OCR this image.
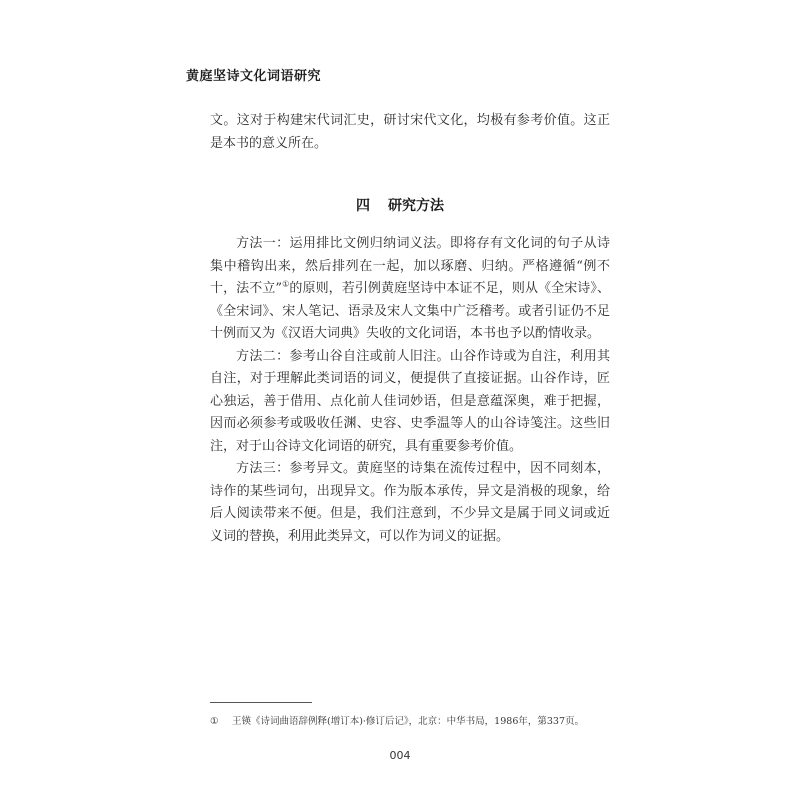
黄庭坚诗文化词语研究
文。这对于构建宋代词汇史，研讨宋代文化，均极有参考价值。这正是本书的意义所在。
四 研究方法

方法一：运用排比文例归纳词义法。即将存有文化词的句子从诗集中稽钩出来，然后排列在一起，加以琢磨、归纳。严格遵循“例不十，法不立”①的原则，若引例黄庭坚诗中本证不足，则从《全宋诗》、《全宋词》、宋人笔记、语录及宋人文集中广泛稽考。或者引证仍不足十例而又为《汉语大词典》失收的文化词语，本书也予以酌情收录。

方法二：参考山谷自注或前人旧注。山谷作诗或为自注，利用其自注，对于理解此类词语的词义，便提供了直接证据。山谷作诗，匠心独运，善于借用、点化前人佳词妙语，但是意蕴深奥，难于把握，因而必须参考或吸收任渊、史容、史季温等人的山谷诗笺注。这些旧注，对于山谷诗文化词语的研究，具有重要参考价值。

方法三：参考异文。黄庭坚的诗集在流传过程中，因不同刻本，诗作的某些词句，出现异文。作为版本承传，异文是消极的现象，给后人阅读带来不便。但是，我们注意到，不少异文是属于同义词或近义词的替换，利用此类异文，可以作为词义的证据。

① 王锳《诗词曲语辞例释(增订本)·修订后记》，北京：中华书局，1986年，第337页。
004
